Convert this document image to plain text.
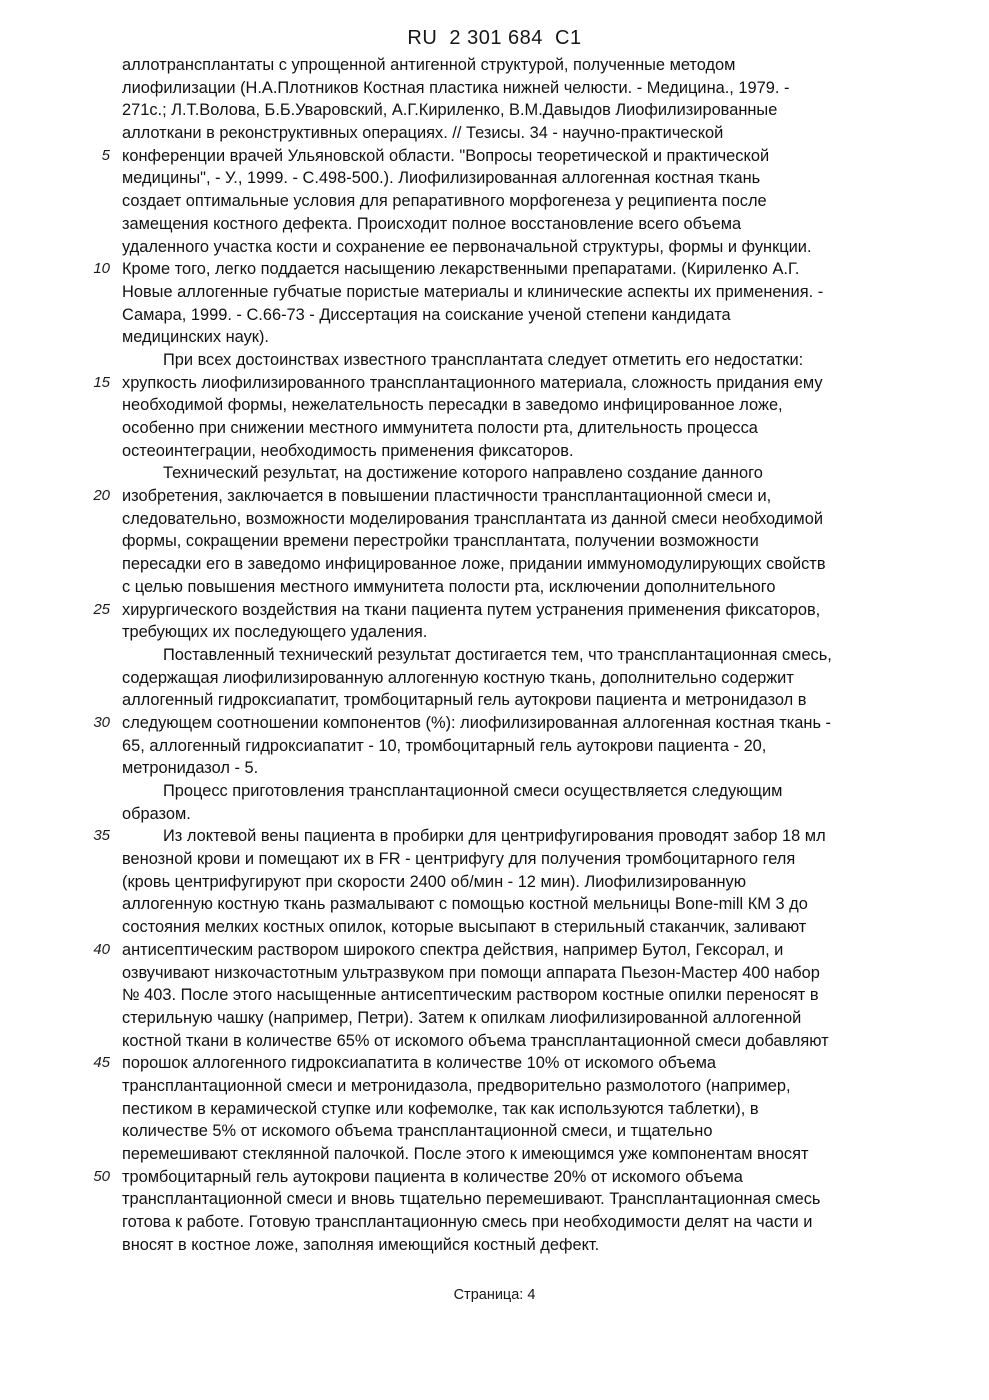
RU  2 301 684  C1
аллотрансплантаты с упрощенной антигенной структурой, полученные методом
лиофилизации (Н.А.Плотников Костная пластика нижней челюсти. - Медицина., 1979. -
271с.; Л.Т.Волова, Б.Б.Уваровский, А.Г.Кириленко, В.М.Давыдов Лиофилизированные
аллоткани в реконструктивных операциях. // Тезисы. 34 - научно-практической
5 конференции врачей Ульяновской области. "Вопросы теоретической и практической
медицины", - У., 1999. - С.498-500.). Лиофилизированная аллогенная костная ткань
создает оптимальные условия для репаративного морфогенеза у реципиента после
замещения костного дефекта. Происходит полное восстановление всего объема
удаленного участка кости и сохранение ее первоначальной структуры, формы и функции.
10 Кроме того, легко поддается насыщению лекарственными препаратами. (Кириленко А.Г.
Новые аллогенные губчатые пористые материалы и клинические аспекты их применения. -
Самара, 1999. - С.66-73 - Диссертация на соискание ученой степени кандидата
медицинских наук).
При всех достоинствах известного трансплантата следует отметить его недостатки:
15 хрупкость лиофилизированного трансплантационного материала, сложность придания ему
необходимой формы, нежелательность пересадки в заведомо инфицированное ложе,
особенно при снижении местного иммунитета полости рта, длительность процесса
остеоинтеграции, необходимость применения фиксаторов.
Технический результат, на достижение которого направлено создание данного
20 изобретения, заключается в повышении пластичности трансплантационной смеси и,
следовательно, возможности моделирования трансплантата из данной смеси необходимой
формы, сокращении времени перестройки трансплантата, получении возможности
пересадки его в заведомо инфицированное ложе, придании иммуномодулирующих свойств
с целью повышения местного иммунитета полости рта, исключении дополнительного
25 хирургического воздействия на ткани пациента путем устранения применения фиксаторов,
требующих их последующего удаления.
Поставленный технический результат достигается тем, что трансплантационная смесь,
содержащая лиофилизированную аллогенную костную ткань, дополнительно содержит
аллогенный гидроксиапатит, тромбоцитарный гель аутокрови пациента и метронидазол в
30 следующем соотношении компонентов (%): лиофилизированная аллогенная костная ткань -
65, аллогенный гидроксиапатит - 10, тромбоцитарный гель аутокрови пациента - 20,
метронидазол - 5.
Процесс приготовления трансплантационной смеси осуществляется следующим
образом.
35	Из локтевой вены пациента в пробирки для центрифугирования проводят забор 18 мл
венозной крови и помещают их в FR - центрифугу для получения тромбоцитарного геля
(кровь центрифугируют при скорости 2400 об/мин - 12 мин). Лиофилизированную
аллогенную костную ткань размалывают с помощью костной мельницы Bone-mill КМ 3 до
состояния мелких костных опилок, которые высыпают в стерильный стаканчик, заливают
40 антисептическим раствором широкого спектра действия, например Бутол, Гексорал, и
озвучивают низкочастотным ультразвуком при помощи аппарата Пьезон-Мастер 400 набор
№ 403. После этого насыщенные антисептическим раствором костные опилки переносят в
стерильную чашку (например, Петри). Затем к опилкам лиофилизированной аллогенной
костной ткани в количестве 65% от искомого объема трансплантационной смеси добавляют
45 порошок аллогенного гидроксиапатита в количестве 10% от искомого объема
трансплантационной смеси и метронидазола, предворительно размолотого (например,
пестиком в керамической ступке или кофемолке, так как используются таблетки), в
количестве 5% от искомого объема трансплантационной смеси, и тщательно
перемешивают стеклянной палочкой. После этого к имеющимся уже компонентам вносят
50 тромбоцитарный гель аутокрови пациента в количестве 20% от искомого объема
трансплантационной смеси и вновь тщательно перемешивают. Трансплантационная смесь
готова к работе. Готовую трансплантационную смесь при необходимости делят на части и
вносят в костное ложе, заполняя имеющийся костный дефект.
Страница: 4
